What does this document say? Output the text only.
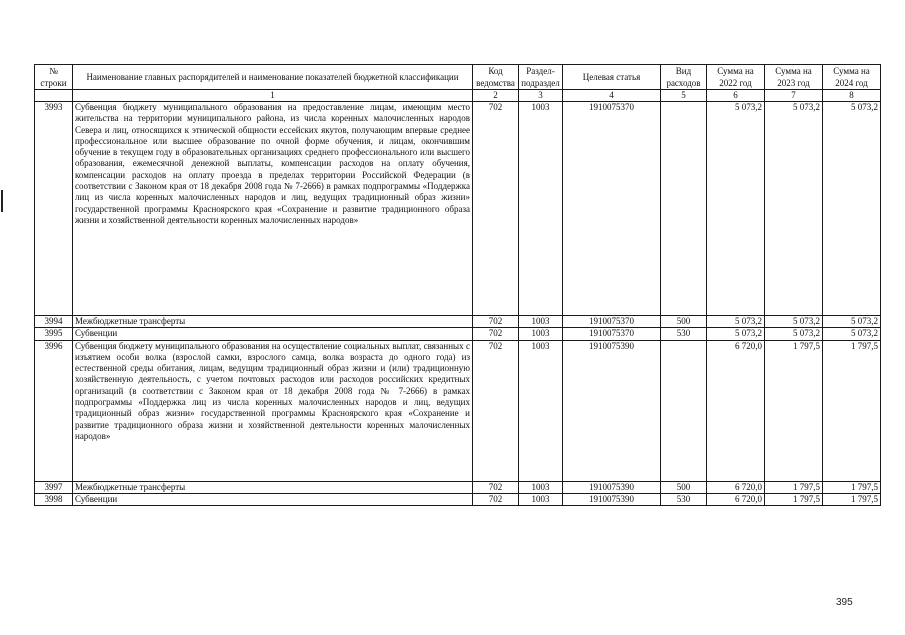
№ строки	Наименование главных распорядителей и наименование показателей бюджетной классификации	Код ведомства	Раздел-подраздел	Целевая статья	Вид расходов	Сумма на 2022 год	Сумма на 2023 год	Сумма на 2024 год
	1	2	3	4	5	6	7	8
3993	Субвенция бюджету муниципального образования на предоставление лицам, имеющим место жительства на территории муниципального района, из числа коренных малочисленных народов Севера и лиц, относящихся к этнической общности ессейских якутов, получающим впервые среднее профессиональное или высшее образование по очной форме обучения, и лицам, окончившим обучение в текущем году в образовательных организациях среднего профессионального или высшего образования, ежемесячной денежной выплаты, компенсации расходов на оплату обучения, компенсации расходов на оплату проезда в пределах территории Российской Федерации (в соответствии с Законом края от 18 декабря 2008 года № 7-2666) в рамках подпрограммы «Поддержка лиц из числа коренных малочисленных народов и лиц, ведущих традиционный образ жизни» государственной программы Красноярского края «Сохранение и развитие традиционного образа жизни и хозяйственной деятельности коренных малочисленных народов»	702	1003	1910075370		5 073,2	5 073,2	5 073,2
3994	Межбюджетные трансферты	702	1003	1910075370	500	5 073,2	5 073,2	5 073,2
3995	Субвенции	702	1003	1910075370	530	5 073,2	5 073,2	5 073,2
3996	Субвенция бюджету муниципального образования на осуществление социальных выплат, связанных с изъятием особи волка (взрослой самки, взрослого самца, волка возраста до одного года) из естественной среды обитания, лицам, ведущим традиционный образ жизни и (или) традиционную хозяйственную деятельность, с учетом почтовых расходов или расходов российских кредитных организаций (в соответствии с Законом края от 18 декабря 2008 года № 7-2666) в рамках подпрограммы «Поддержка лиц из числа коренных малочисленных народов и лиц, ведущих традиционный образ жизни» государственной программы Красноярского края «Сохранение и развитие традиционного образа жизни и хозяйственной деятельности коренных малочисленных народов»	702	1003	1910075390		6 720,0	1 797,5	1 797,5
3997	Межбюджетные трансферты	702	1003	1910075390	500	6 720,0	1 797,5	1 797,5
3998	Субвенции	702	1003	1910075390	530	6 720,0	1 797,5	1 797,5
395
